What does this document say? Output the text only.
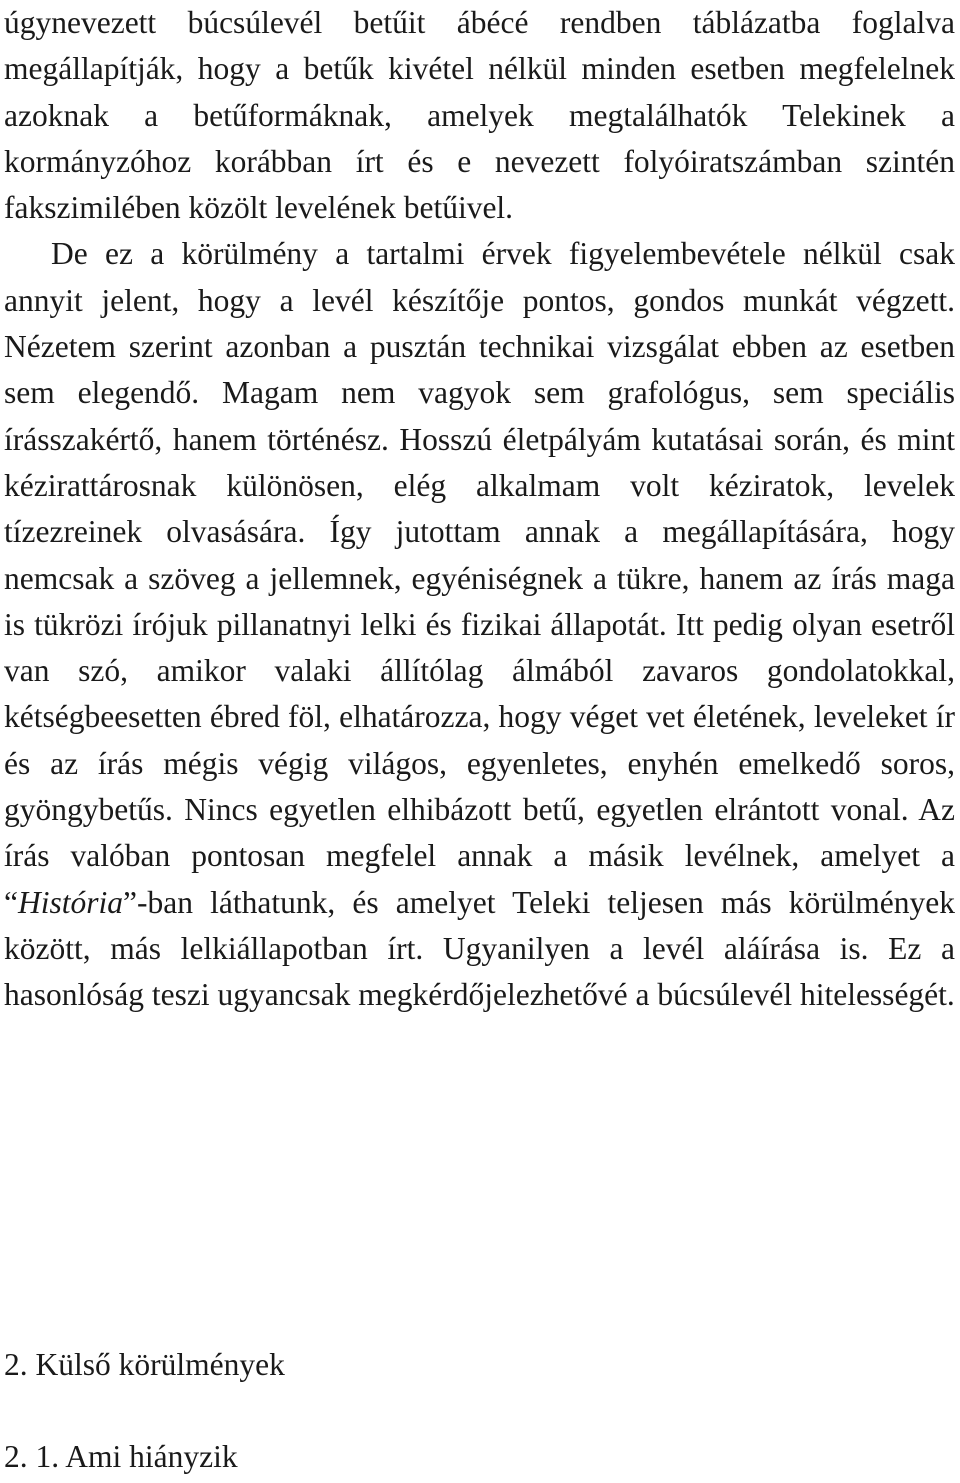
úgynevezett búcsúlevél betűit ábécé rendben táblázatba foglalva megállapítják, hogy a betűk kivétel nélkül minden esetben megfelelnek azoknak a betűformáknak, amelyek megtalálhatók Telekinek a kormányzóhoz korábban írt és e nevezett folyóiratszámban szintén fakszimilében közölt levelének betűivel.

De ez a körülmény a tartalmi érvek figyelembevétele nélkül csak annyit jelent, hogy a levél készítője pontos, gondos munkát végzett. Nézetem szerint azonban a pusztán technikai vizsgálat ebben az esetben sem elegendő. Magam nem vagyok sem grafológus, sem speciális írásszakértő, hanem történész. Hosszú életpályám kutatásai során, és mint kézirattárosnak különösen, elég alkalmam volt kéziratok, levelek tízezreinek olvasására. Így jutottam annak a megállapítására, hogy nemcsak a szöveg a jellemnek, egyéniségnek a tükre, hanem az írás maga is tükrözi írójuk pillanatnyi lelki és fizikai állapotát. Itt pedig olyan esetről van szó, amikor valaki állítólag álmából zavaros gondolatokkal, kétségbeesetten ébred föl, elhatározza, hogy véget vet életének, leveleket ír és az írás mégis végig világos, egyenletes, enyhén emelkedő soros, gyöngybetűs. Nincs egyetlen elhibázott betű, egyetlen elrántott vonal. Az írás valóban pontosan megfelel annak a másik levélnek, amelyet a “História”-ban láthatunk, és amelyet Teleki teljesen más körülmények között, más lelkiállapotban írt. Ugyanilyen a levél aláírása is. Ez a hasonlóság teszi ugyancsak megkérdőjelezhetővé a búcsúlevél hitelességét.

2. Külső körülmények
2. 1. Ami hiányzik
